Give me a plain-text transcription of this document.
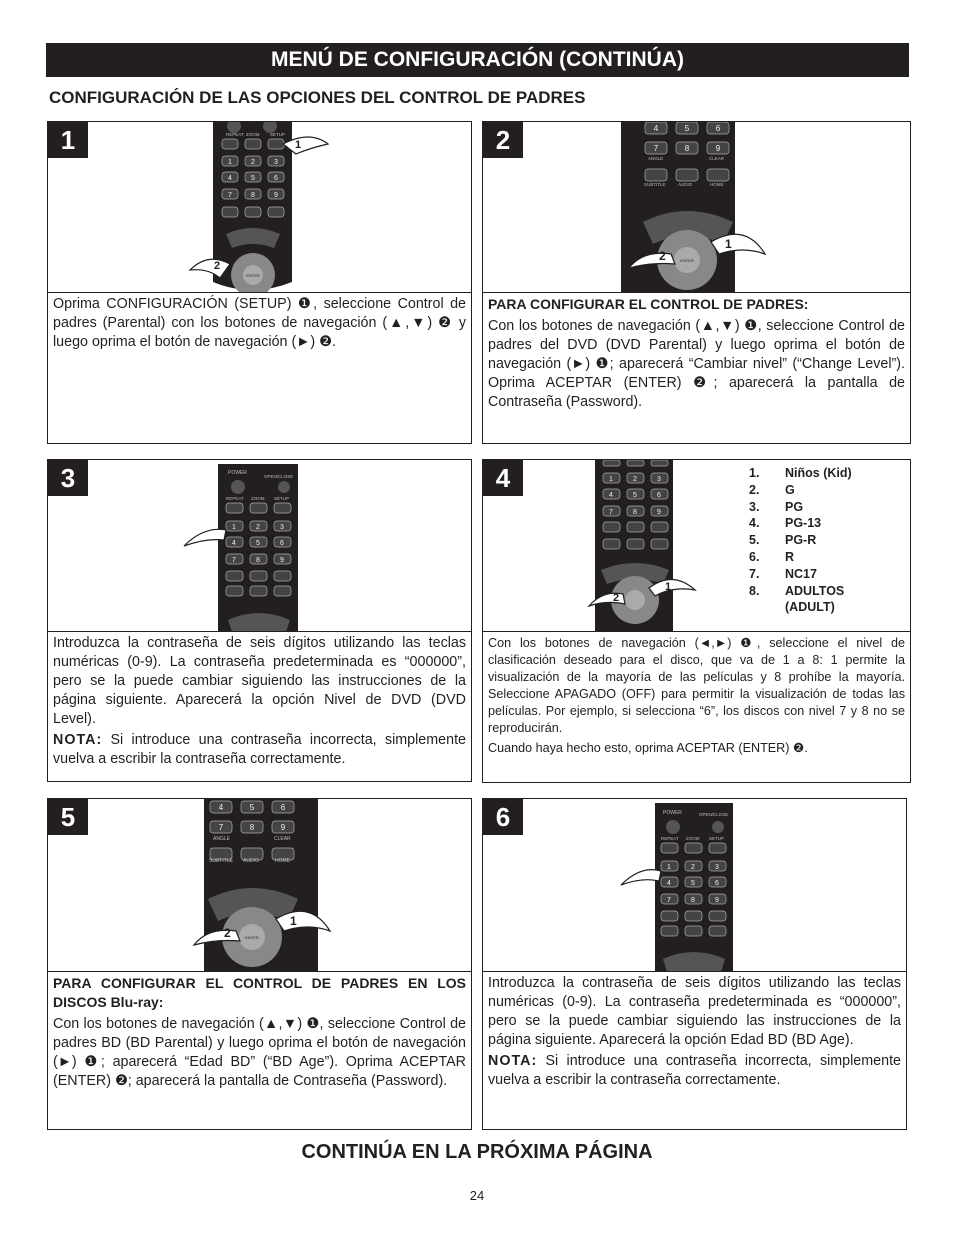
MENÚ DE CONFIGURACIÓN (CONTINÚA)
CONFIGURACIÓN DE LAS OPCIONES DEL CONTROL DE PADRES
1	REPEAT ZOOM SETUP
1	2	3
4	5	6
7	8	9
ENTER
1
2

Oprima CONFIGURACIÓN (SETUP) ❶, seleccione Control de padres (Parental) con los botones de navegación (▲,▼) ❷ y luego oprima el botón de navegación (►) ❷.

2	4	5	6
7	8	9
ANGLE	CLEAR
SUBTITLE	AUDIO	HOME
ENTER
1
2

PARA CONFIGURAR EL CONTROL DE PADRES:

Con los botones de navegación (▲,▼) ❶, seleccione Control de padres del DVD (DVD Parental) y luego oprima el botón de navegación (►) ❶; aparecerá “Cambiar nivel” (“Change Level”). Oprima ACEPTAR (ENTER) ❷; aparecerá la pantalla de Contraseña (Password).

3	POWER
OPEN/CLOSE
REPEAT ZOOM SETUP
1	2	3
4	5	6
7	8	9

Introduzca la contraseña de seis dígitos utilizando las teclas numéricas (0-9). La contraseña predeterminada es “000000”, pero se la puede cambiar siguiendo las instrucciones de la página siguiente. Aparecerá la opción Nivel de DVD (DVD Level).

NOTA: Si introduce una contraseña incorrecta, simplemente vuelva a escribir la contraseña correctamente.

4	1	2	3
4	5	6
7	8	9
1
2
1.	Niños (Kid)
2.	G
3.	PG
4.	PG-13
5.	PG-R
6.	R
7.	NC17
8.	ADULTOS
(ADULT)

Con los botones de navegación (◄,►) ❶, seleccione el nivel de clasificación deseado para el disco, que va de 1 a 8: 1 permite la visualización de la mayoría de las películas y 8 prohíbe la mayoría. Seleccione APAGADO (OFF) para permitir la visualización de todas las películas. Por ejemplo, si selecciona “6”, los discos con nivel 7 y 8 no se reproducirán.

Cuando haya hecho esto, oprima ACEPTAR (ENTER) ❷.

5	4	5	6
7	8	9
ANGLE	CLEAR
SUBTITLE AUDIO	HOME
ENTER
1
2

PARA CONFIGURAR EL CONTROL DE PADRES EN LOS DISCOS Blu-ray:

Con los botones de navegación (▲,▼) ❶, seleccione Control de padres BD (BD Parental) y luego oprima el botón de navegación (►) ❶; aparecerá “Edad BD” (“BD Age”). Oprima ACEPTAR (ENTER) ❷; aparecerá la pantalla de Contraseña (Password).

6	POWER	OPEN/CLOSE
REPEAT ZOOM SETUP
1	2	3
4	5	6
7	8	9

Introduzca la contraseña de seis dígitos utilizando las teclas numéricas (0-9). La contraseña predeterminada es “000000”, pero se la puede cambiar siguiendo las instrucciones de la página siguiente. Aparecerá la opción Edad BD (BD Age).

NOTA: Si introduce una contraseña incorrecta, simplemente vuelva a escribir la contraseña correctamente.

CONTINÚA EN LA PRÓXIMA PÁGINA
24
